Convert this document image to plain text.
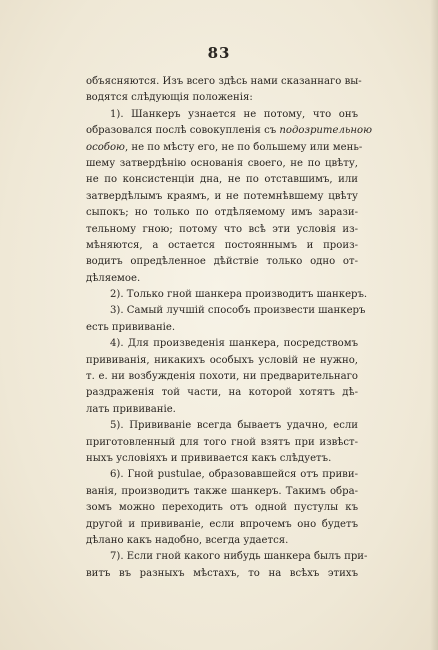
83
объясняются. Изъ всего здѣсь нами сказаннаго вы-
водятся слѣдующія положенія:
1). Шанкеръ узнается не потому, что онъ
образовался послѣ совокупленія съ подозрительною
особою, не по мѣсту его, не по большему или мень-
шему затвердѣнію основанія своего, не по цвѣту,
не по консистенціи дна, не по отставшимъ, или
затвердѣлымъ краямъ, и не потемнѣвшему цвѣту
сыпокъ; но только по отдѣляемому имъ зарази-
тельному гною; потому что всѣ эти условія из-
мѣняются, а остается постояннымъ и произ-
водитъ опредѣленное дѣйствіе только одно от-
дѣляемое.
2). Только гной шанкера производитъ шанкеръ.
3). Самый лучшій способъ произвести шанкеръ
есть прививаніе.
4). Для произведенія шанкера, посредствомъ
прививанія, никакихъ особыхъ условій не нужно,
т. е. ни возбужденія похоти, ни предварительнаго
раздраженія той части, на которой хотятъ дѣ-
лать прививаніе.
5). Прививаніе всегда бываетъ удачно, если
приготовленный для того гной взятъ при извѣст-
ныхъ условіяхъ и прививается какъ слѣдуетъ.
6). Гной pustulae, образовавшейся отъ приви-
ванія, производитъ также шанкеръ. Такимъ обра-
зомъ можно переходить отъ одной пустулы къ
другой и прививаніе, если впрочемъ оно будетъ
дѣлано какъ надобно, всегда удается.
7). Если гной какого нибудь шанкера былъ при-
витъ въ разныхъ мѣстахъ, то на всѣхъ этихъ
